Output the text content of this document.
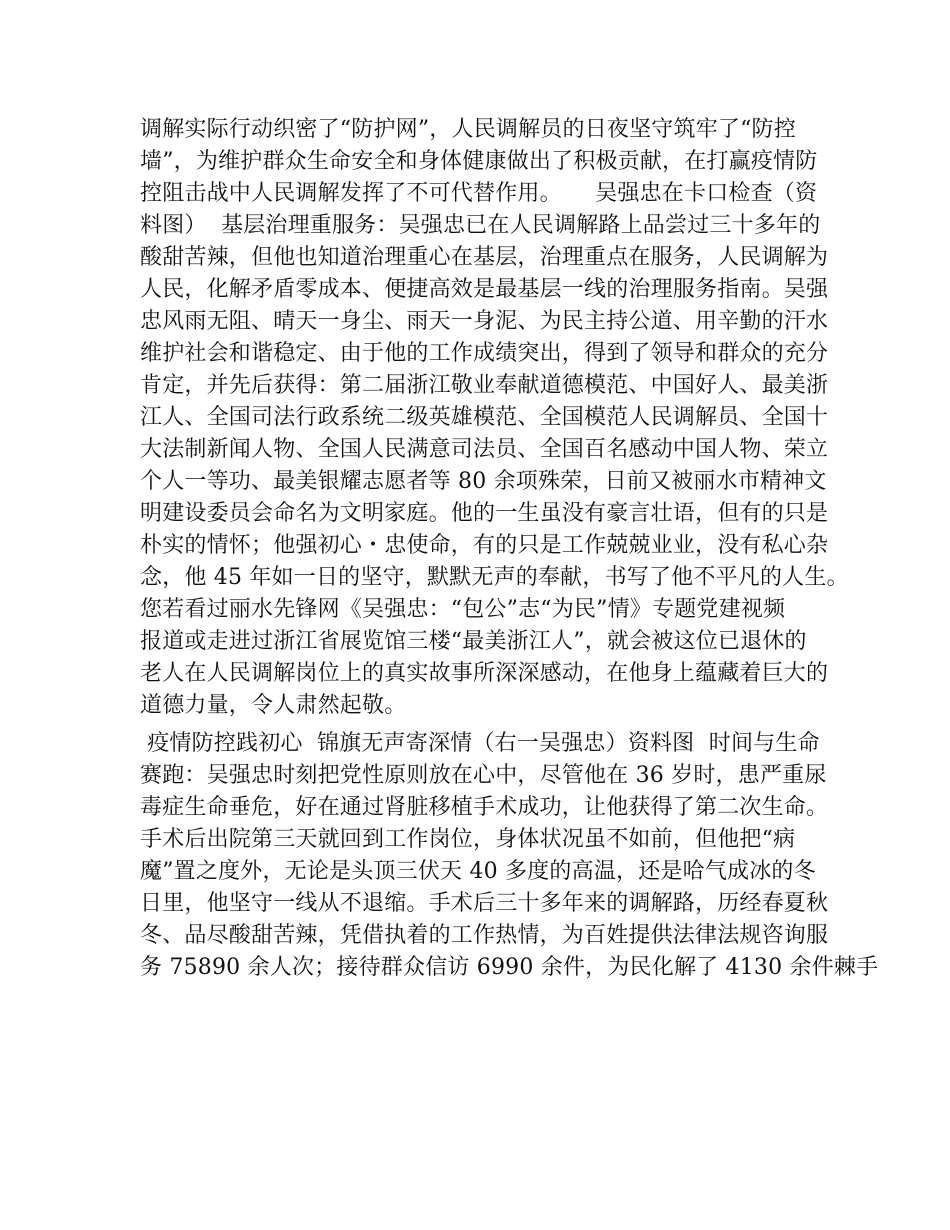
调解实际行动织密了“防护网”，人民调解员的日夜坚守筑牢了“防控
墙”，为维护群众生命安全和身体健康做出了积极贡献，在打赢疫情防
控阻击战中人民调解发挥了不可代替作用。　　吴强忠在卡口检查（资
料图）  基层治理重服务：吴强忠已在人民调解路上品尝过三十多年的
酸甜苦辣，但他也知道治理重心在基层，治理重点在服务，人民调解为
人民，化解矛盾零成本、便捷高效是最基层一线的治理服务指南。吴强
忠风雨无阻、晴天一身尘、雨天一身泥、为民主持公道、用辛勤的汗水
维护社会和谐稳定、由于他的工作成绩突出，得到了领导和群众的充分
肯定，并先后获得：第二届浙江敬业奉献道德模范、中国好人、最美浙
江人、全国司法行政系统二级英雄模范、全国模范人民调解员、全国十
大法制新闻人物、全国人民满意司法员、全国百名感动中国人物、荣立
个人一等功、最美银耀志愿者等 80 余项殊荣，日前又被丽水市精神文
明建设委员会命名为文明家庭。他的一生虽没有豪言壮语，但有的只是
朴实的情怀；他强初心・忠使命，有的只是工作兢兢业业，没有私心杂
念，他 45 年如一日的坚守，默默无声的奉献，书写了他不平凡的人生。
您若看过丽水先锋网《吴强忠：“包公”志“为民”情》专题党建视频
报道或走进过浙江省展览馆三楼“最美浙江人”，就会被这位已退休的
老人在人民调解岗位上的真实故事所深深感动，在他身上蕴藏着巨大的
道德力量，令人肃然起敬。
疫情防控践初心  锦旗无声寄深情（右一吴强忠）资料图  时间与生命
赛跑：吴强忠时刻把党性原则放在心中，尽管他在 36 岁时，患严重尿
毒症生命垂危，好在通过肾脏移植手术成功，让他获得了第二次生命。
手术后出院第三天就回到工作岗位，身体状况虽不如前，但他把“病
魔”置之度外，无论是头顶三伏天 40 多度的高温，还是哈气成冰的冬
日里，他坚守一线从不退缩。手术后三十多年来的调解路，历经春夏秋
冬、品尽酸甜苦辣，凭借执着的工作热情，为百姓提供法律法规咨询服
务 75890 余人次；接待群众信访 6990 余件，为民化解了 4130 余件棘手
